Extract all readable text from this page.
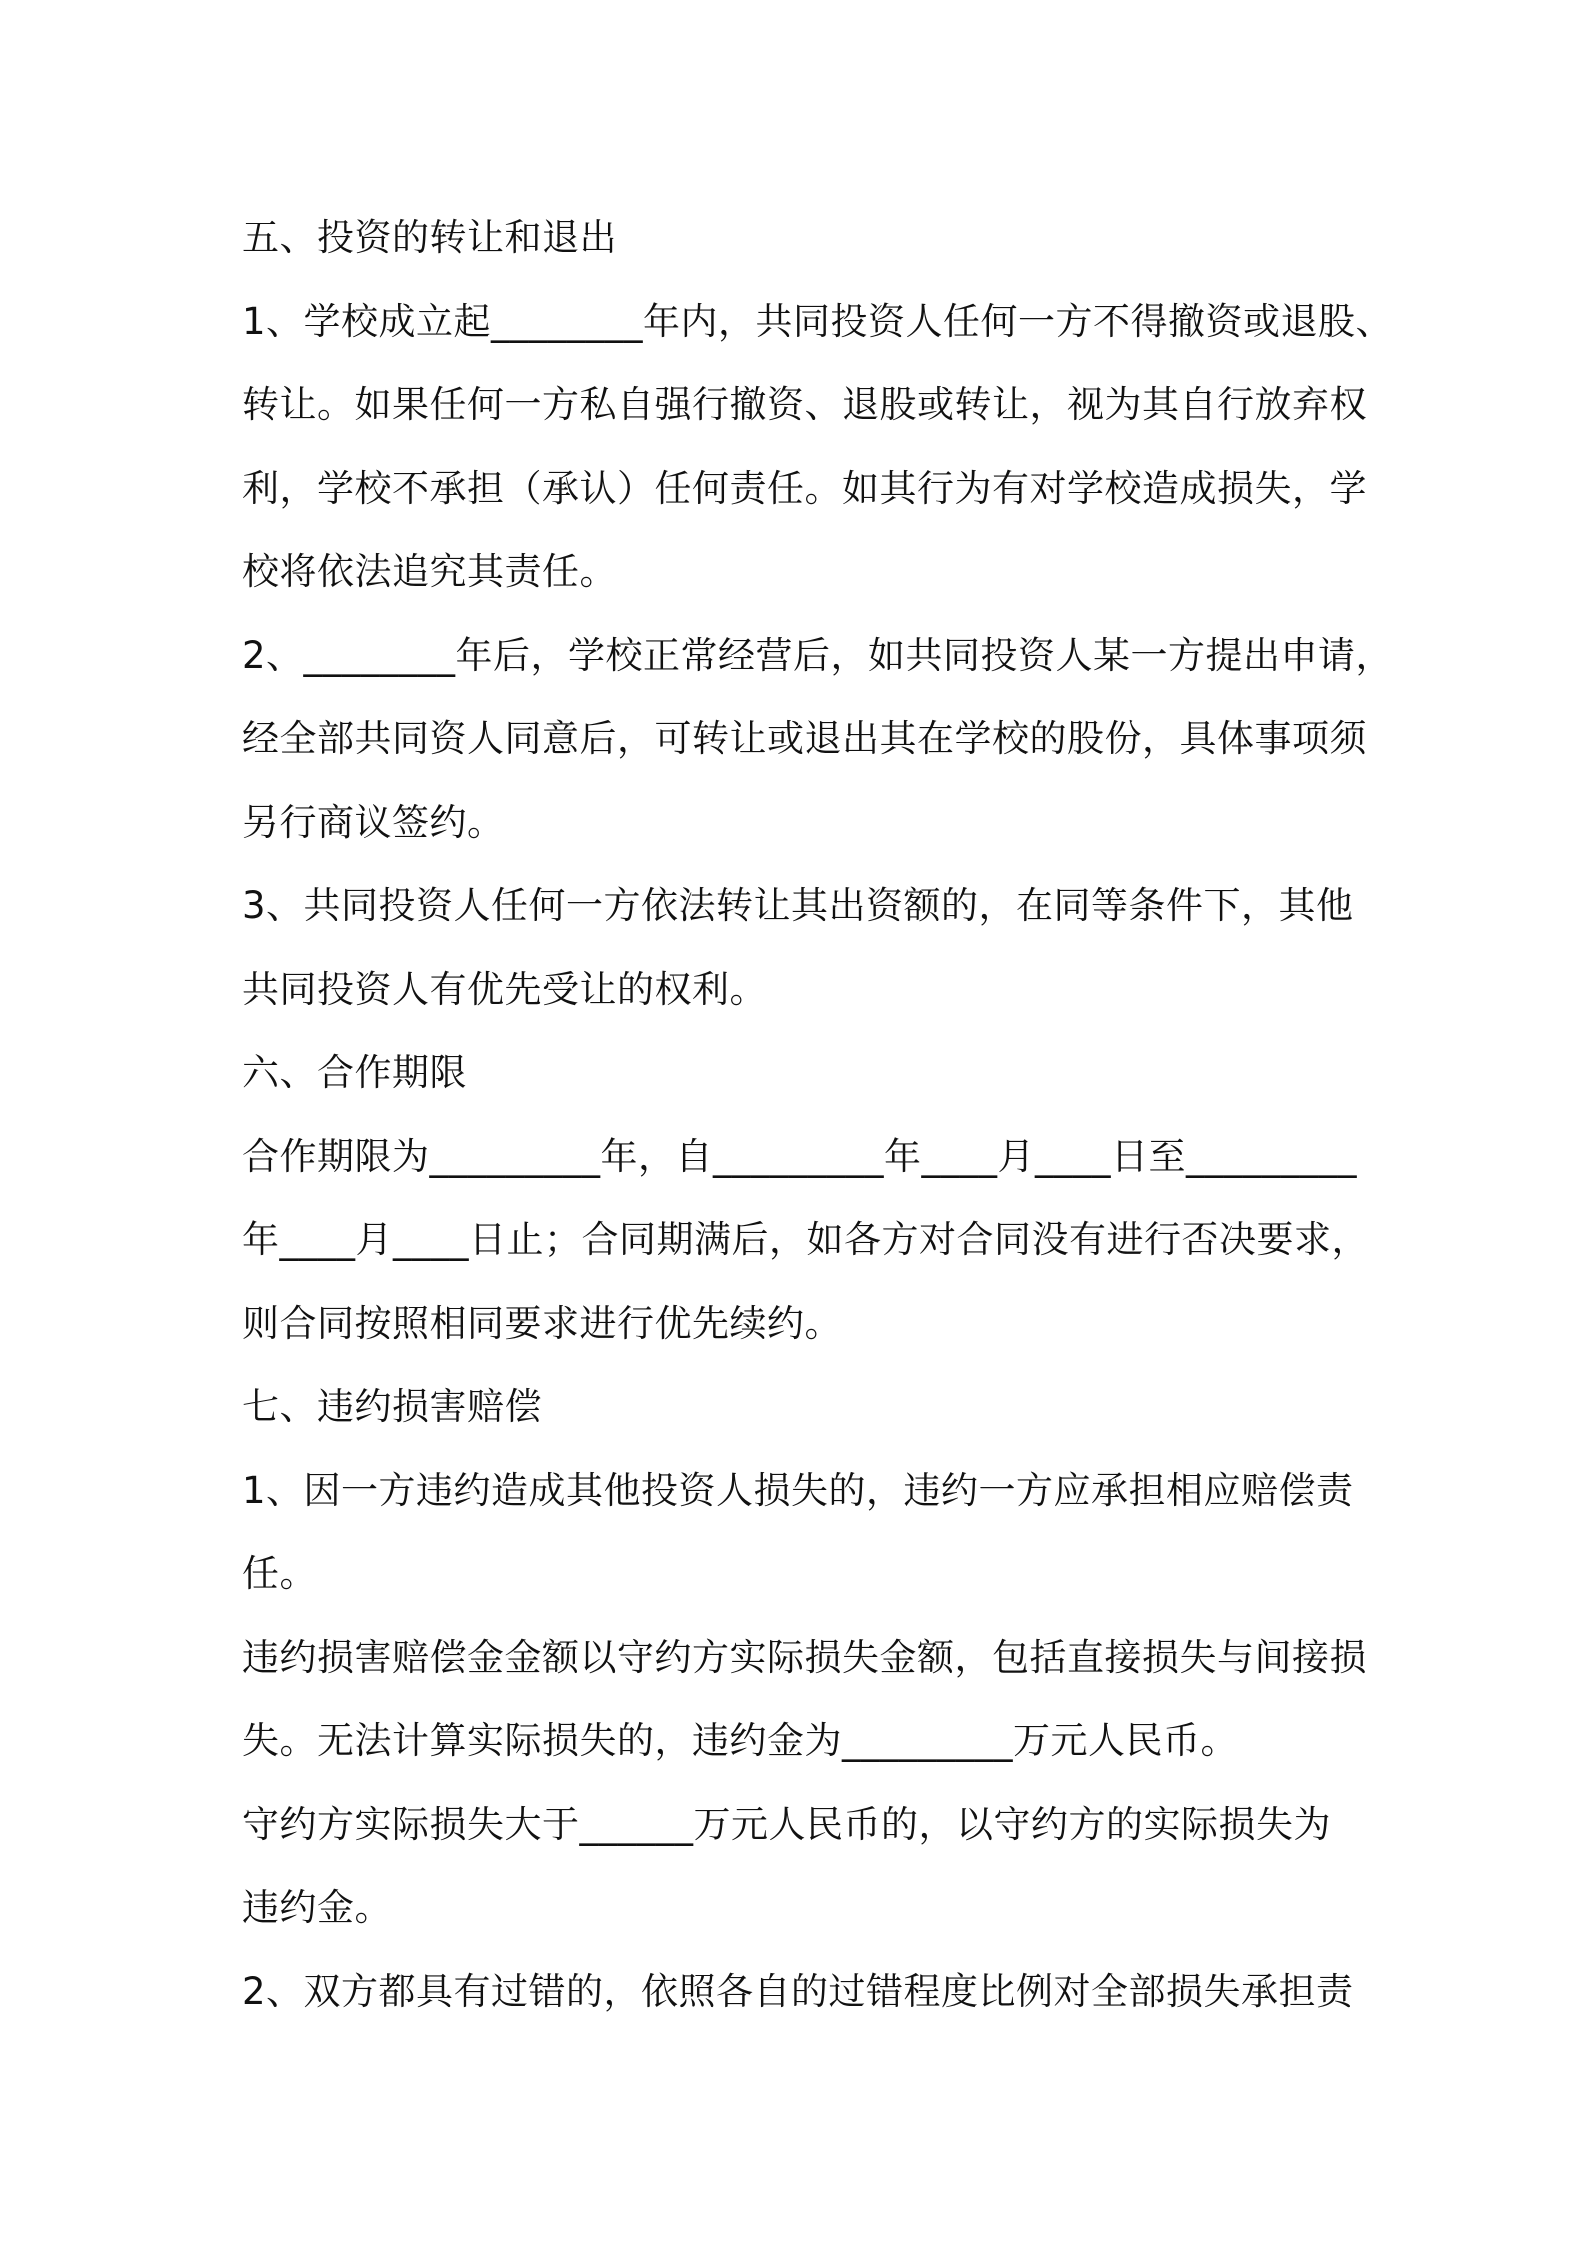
五、投资的转让和退出
1、学校成立起________年内，共同投资人任何一方不得撤资或退股、
转让。如果任何一方私自强行撤资、退股或转让，视为其自行放弃权
利，学校不承担（承认）任何责任。如其行为有对学校造成损失，学
校将依法追究其责任。
2、________年后，学校正常经营后，如共同投资人某一方提出申请，
经全部共同资人同意后，可转让或退出其在学校的股份，具体事项须
另行商议签约。
3、共同投资人任何一方依法转让其出资额的，在同等条件下，其他
共同投资人有优先受让的权利。
六、合作期限
合作期限为_________年，自_________年____月____日至_________
年____月____日止；合同期满后，如各方对合同没有进行否决要求，
则合同按照相同要求进行优先续约。
七、违约损害赔偿
1、因一方违约造成其他投资人损失的，违约一方应承担相应赔偿责
任。
违约损害赔偿金金额以守约方实际损失金额，包括直接损失与间接损
失。无法计算实际损失的，违约金为_________万元人民币。
守约方实际损失大于______万元人民币的，以守约方的实际损失为
违约金。
2、双方都具有过错的，依照各自的过错程度比例对全部损失承担责
